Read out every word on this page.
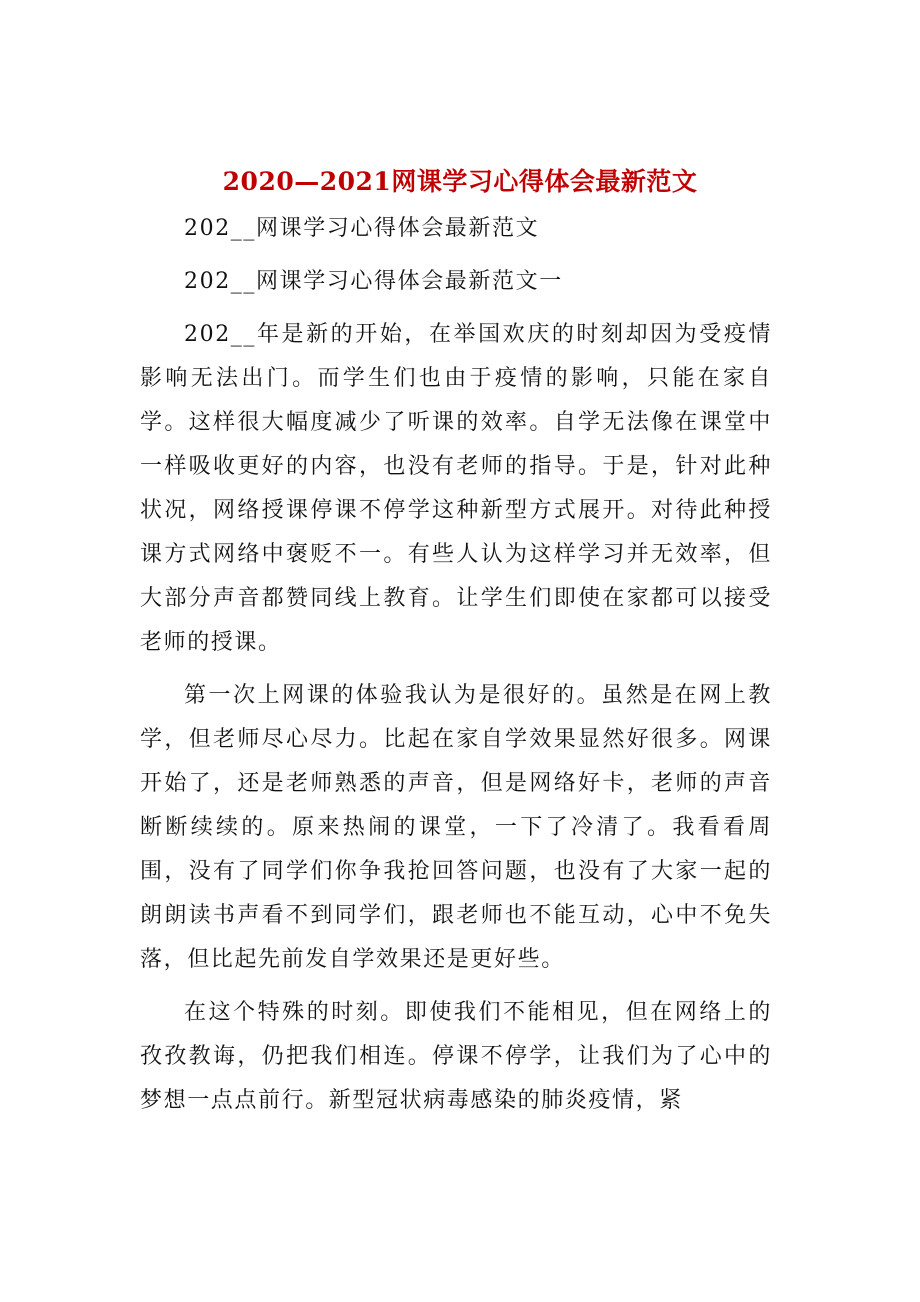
2020—2021网课学习心得体会最新范文

202__网课学习心得体会最新范文

202__网课学习心得体会最新范文一

202__年是新的开始，在举国欢庆的时刻却因为受疫情影响无法出门。而学生们也由于疫情的影响，只能在家自学。这样很大幅度减少了听课的效率。自学无法像在课堂中一样吸收更好的内容，也没有老师的指导。于是，针对此种状况，网络授课停课不停学这种新型方式展开。对待此种授课方式网络中褒贬不一。有些人认为这样学习并无效率，但大部分声音都赞同线上教育。让学生们即使在家都可以接受老师的授课。

第一次上网课的体验我认为是很好的。虽然是在网上教学，但老师尽心尽力。比起在家自学效果显然好很多。网课开始了，还是老师熟悉的声音，但是网络好卡，老师的声音断断续续的。原来热闹的课堂，一下了冷清了。我看看周围，没有了同学们你争我抢回答问题，也没有了大家一起的朗朗读书声看不到同学们，跟老师也不能互动，心中不免失落，但比起先前发自学效果还是更好些。

在这个特殊的时刻。即使我们不能相见，但在网络上的孜孜教诲，仍把我们相连。停课不停学，让我们为了心中的梦想一点点前行。新型冠状病毒感染的肺炎疫情，紧
